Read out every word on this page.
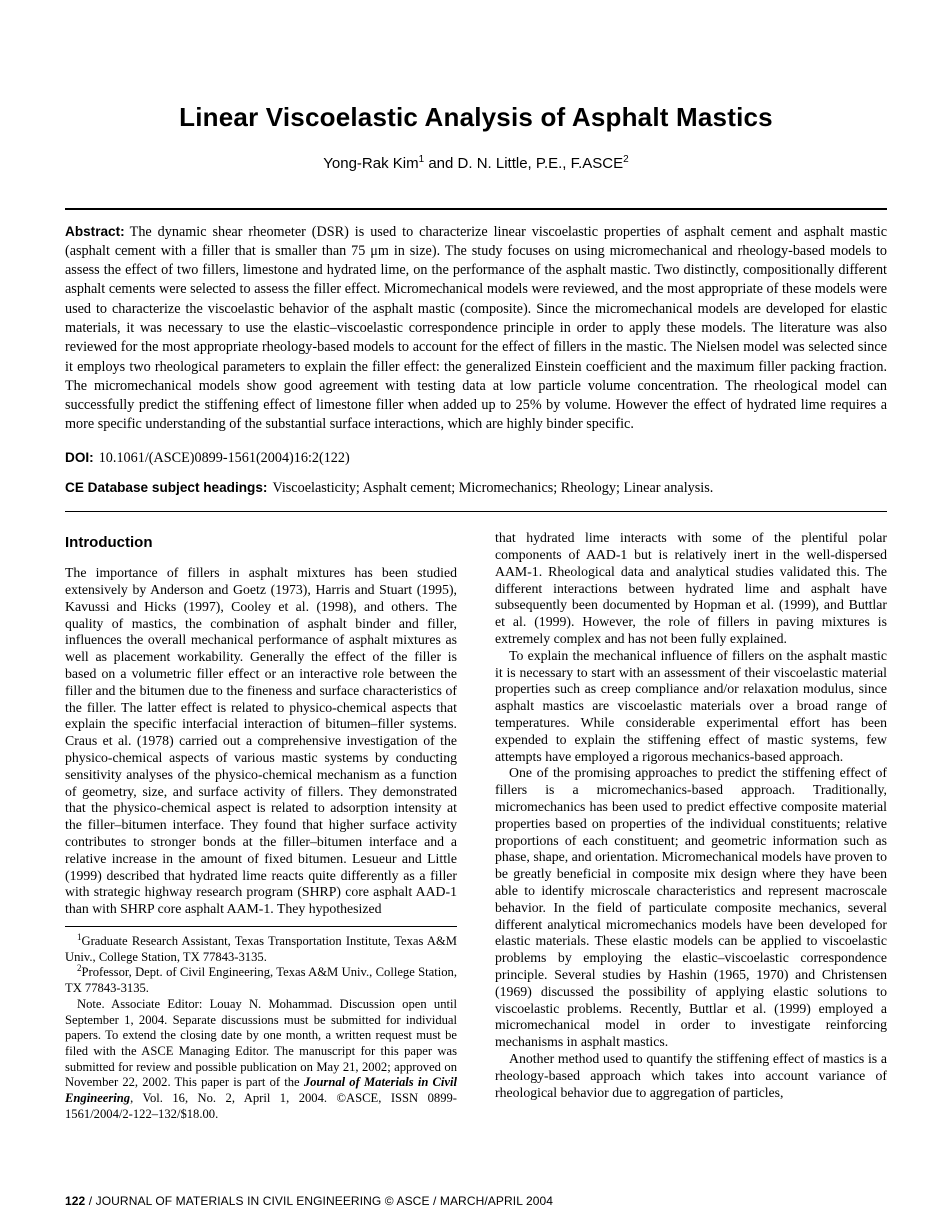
Linear Viscoelastic Analysis of Asphalt Mastics

Yong-Rak Kim$^1$ and D. N. Little, P.E., F.ASCE$^2$

Abstract: The dynamic shear rheometer (DSR) is used to characterize linear viscoelastic properties of asphalt cement and asphalt mastic (asphalt cement with a filler that is smaller than 75 μm in size). The study focuses on using micromechanical and rheology-based models to assess the effect of two fillers, limestone and hydrated lime, on the performance of the asphalt mastic. Two distinctly, compositionally different asphalt cements were selected to assess the filler effect. Micromechanical models were reviewed, and the most appropriate of these models were used to characterize the viscoelastic behavior of the asphalt mastic (composite). Since the micromechanical models are developed for elastic materials, it was necessary to use the elastic–viscoelastic correspondence principle in order to apply these models. The literature was also reviewed for the most appropriate rheology-based models to account for the effect of fillers in the mastic. The Nielsen model was selected since it employs two rheological parameters to explain the filler effect: the generalized Einstein coefficient and the maximum filler packing fraction. The micromechanical models show good agreement with testing data at low particle volume concentration. The rheological model can successfully predict the stiffening effect of limestone filler when added up to 25% by volume. However the effect of hydrated lime requires a more specific understanding of the substantial surface interactions, which are highly binder specific.

DOI: 10.1061/(ASCE)0899-1561(2004)16:2(122)

CE Database subject headings: Viscoelasticity; Asphalt cement; Micromechanics; Rheology; Linear analysis.

Introduction

The importance of fillers in asphalt mixtures has been studied extensively by Anderson and Goetz (1973), Harris and Stuart (1995), Kavussi and Hicks (1997), Cooley et al. (1998), and others. The quality of mastics, the combination of asphalt binder and filler, influences the overall mechanical performance of asphalt mixtures as well as placement workability. Generally the effect of the filler is based on a volumetric filler effect or an interactive role between the filler and the bitumen due to the fineness and surface characteristics of the filler. The latter effect is related to physico-chemical aspects that explain the specific interfacial interaction of bitumen–filler systems. Craus et al. (1978) carried out a comprehensive investigation of the physico-chemical aspects of various mastic systems by conducting sensitivity analyses of the physico-chemical mechanism as a function of geometry, size, and surface activity of fillers. They demonstrated that the physico-chemical aspect is related to adsorption intensity at the filler–bitumen interface. They found that higher surface activity contributes to stronger bonds at the filler–bitumen interface and a relative increase in the amount of fixed bitumen. Lesueur and Little (1999) described that hydrated lime reacts quite differently as a filler with strategic highway research program (SHRP) core asphalt AAD-1 than with SHRP core asphalt AAM-1. They hypothesized

$^1$Graduate Research Assistant, Texas Transportation Institute, Texas A&M Univ., College Station, TX 77843-3135.

$^2$Professor, Dept. of Civil Engineering, Texas A&M Univ., College Station, TX 77843-3135.

Note. Associate Editor: Louay N. Mohammad. Discussion open until September 1, 2004. Separate discussions must be submitted for individual papers. To extend the closing date by one month, a written request must be filed with the ASCE Managing Editor. The manuscript for this paper was submitted for review and possible publication on May 21, 2002; approved on November 22, 2002. This paper is part of the Journal of Materials in Civil Engineering, Vol. 16, No. 2, April 1, 2004. ©ASCE, ISSN 0899-1561/2004/2-122–132/$18.00.

that hydrated lime interacts with some of the plentiful polar components of AAD-1 but is relatively inert in the well-dispersed AAM-1. Rheological data and analytical studies validated this. The different interactions between hydrated lime and asphalt have subsequently been documented by Hopman et al. (1999), and Buttlar et al. (1999). However, the role of fillers in paving mixtures is extremely complex and has not been fully explained.

To explain the mechanical influence of fillers on the asphalt mastic it is necessary to start with an assessment of their viscoelastic material properties such as creep compliance and/or relaxation modulus, since asphalt mastics are viscoelastic materials over a broad range of temperatures. While considerable experimental effort has been expended to explain the stiffening effect of mastic systems, few attempts have employed a rigorous mechanics-based approach.

One of the promising approaches to predict the stiffening effect of fillers is a micromechanics-based approach. Traditionally, micromechanics has been used to predict effective composite material properties based on properties of the individual constituents; relative proportions of each constituent; and geometric information such as phase, shape, and orientation. Micromechanical models have proven to be greatly beneficial in composite mix design where they have been able to identify microscale characteristics and represent macroscale behavior. In the field of particulate composite mechanics, several different analytical micromechanics models have been developed for elastic materials. These elastic models can be applied to viscoelastic problems by employing the elastic–viscoelastic correspondence principle. Several studies by Hashin (1965, 1970) and Christensen (1969) discussed the possibility of applying elastic solutions to viscoelastic problems. Recently, Buttlar et al. (1999) employed a micromechanical model in order to investigate reinforcing mechanisms in asphalt mastics.

Another method used to quantify the stiffening effect of mastics is a rheology-based approach which takes into account variance of rheological behavior due to aggregation of particles,

122 / JOURNAL OF MATERIALS IN CIVIL ENGINEERING © ASCE / MARCH/APRIL 2004
